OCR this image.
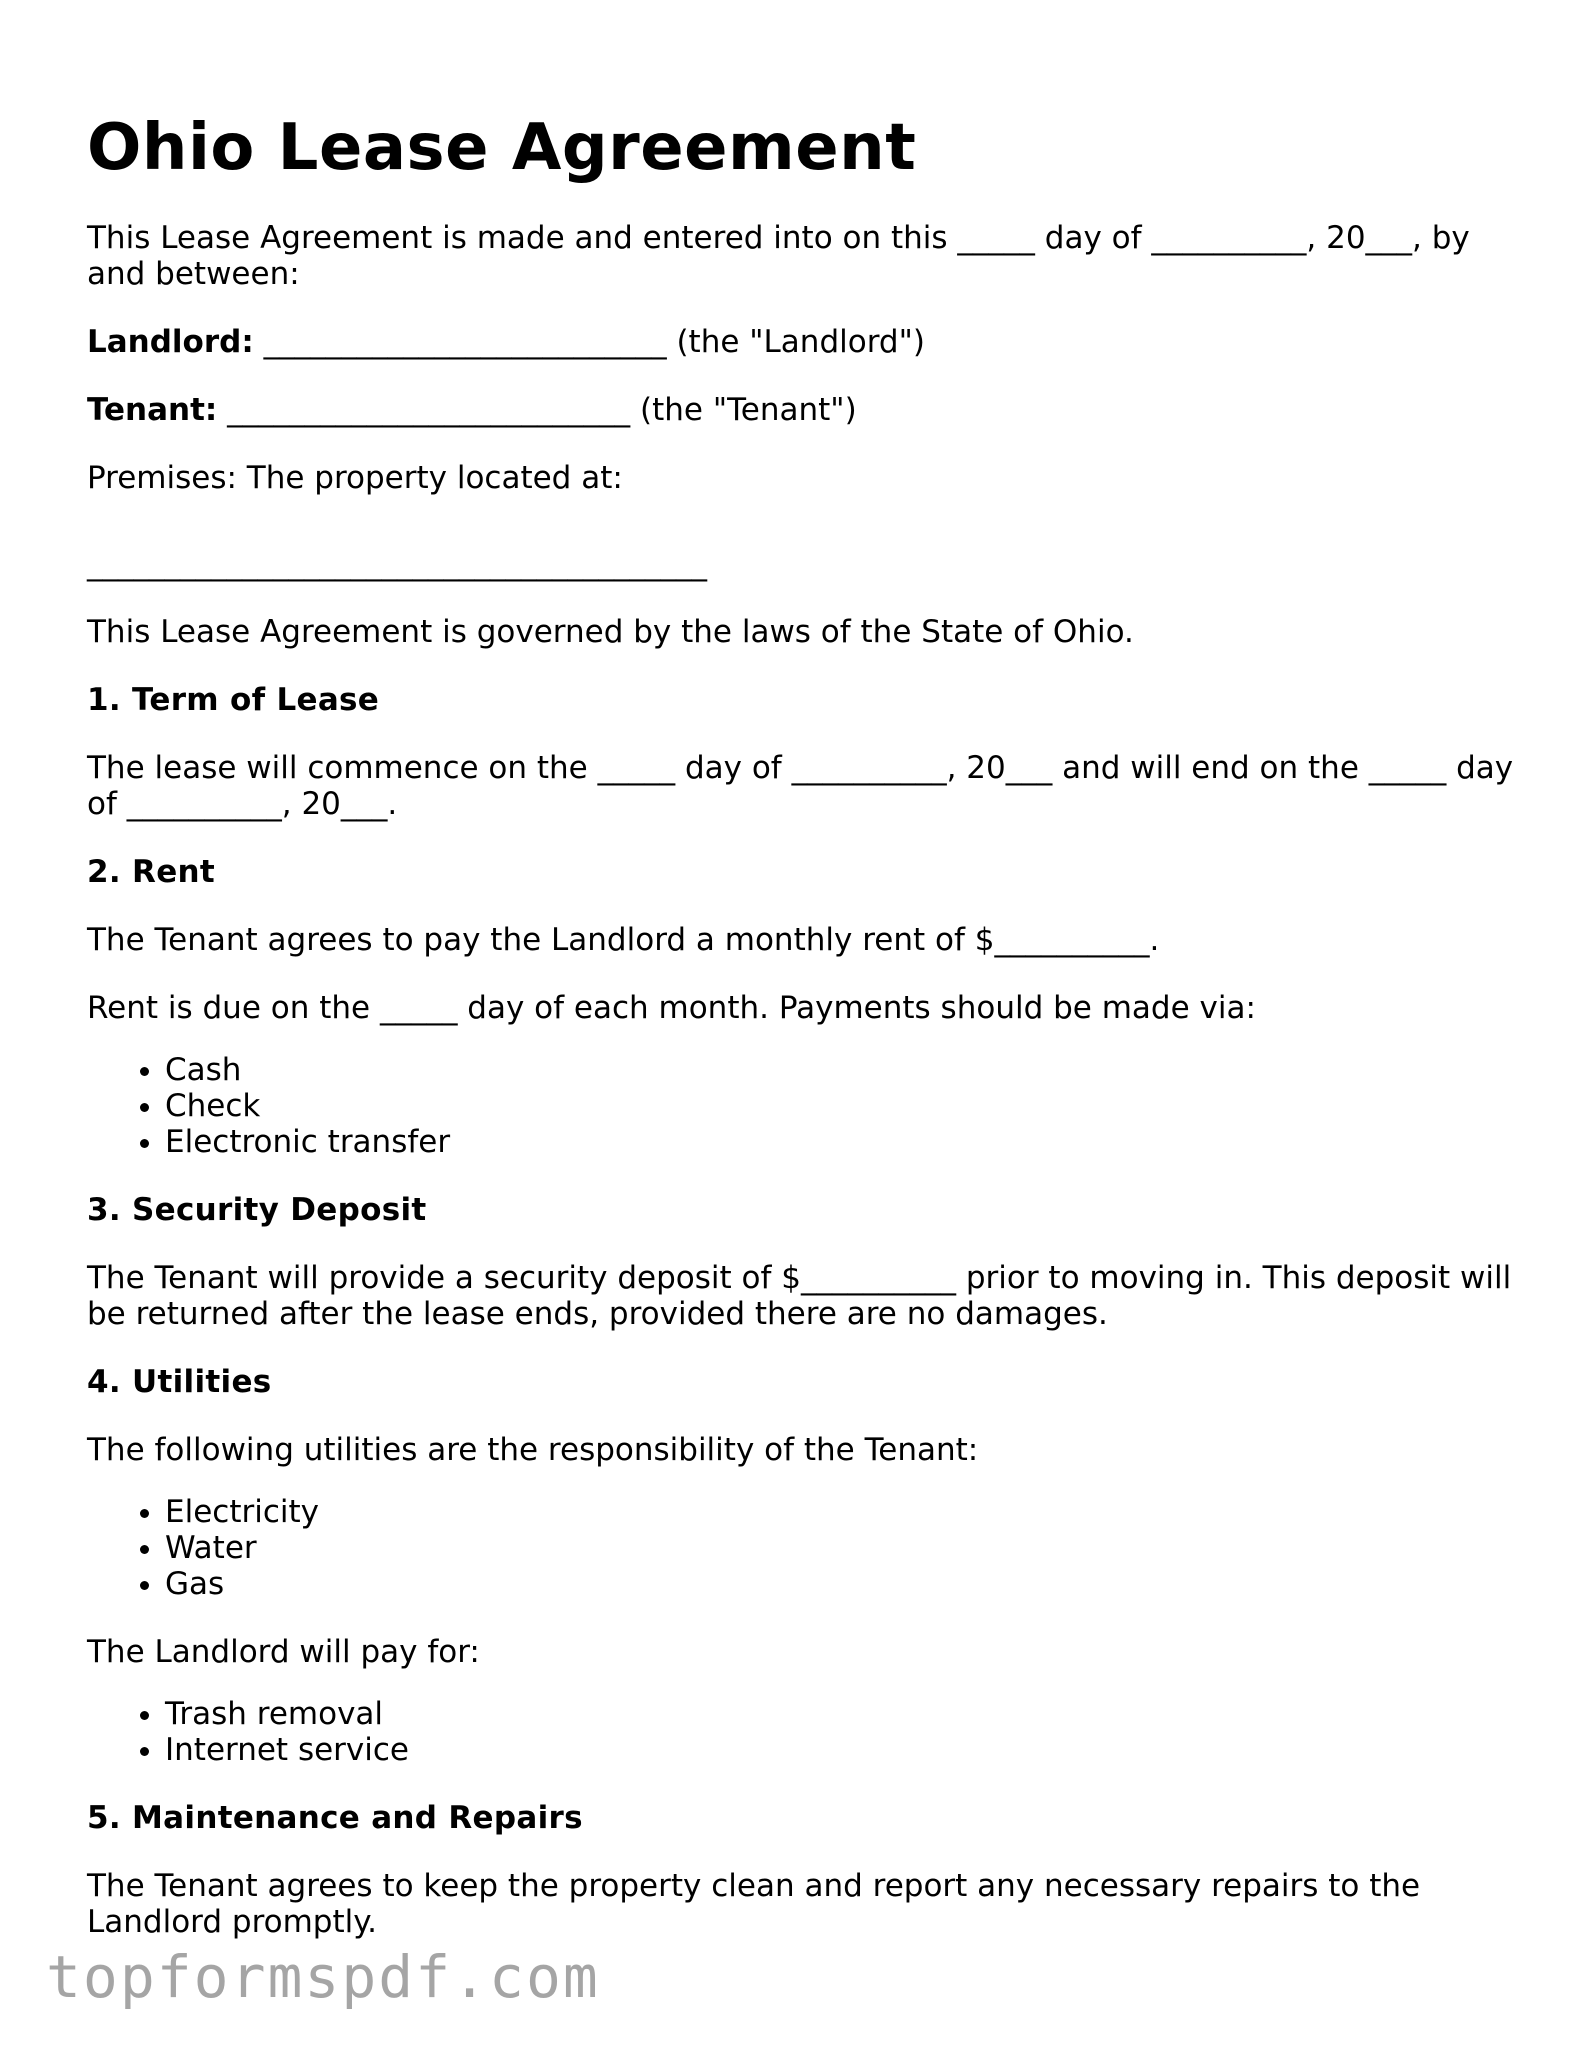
Ohio Lease Agreement

This Lease Agreement is made and entered into on this _____ day of __________, 20___, by and between:

Landlord: __________________________ (the "Landlord")

Tenant: __________________________ (the "Tenant")

Premises: The property located at:

________________________________________

This Lease Agreement is governed by the laws of the State of Ohio.

1. Term of Lease

The lease will commence on the _____ day of __________, 20___ and will end on the _____ day of __________, 20___.

2. Rent

The Tenant agrees to pay the Landlord a monthly rent of $__________.

Rent is due on the _____ day of each month. Payments should be made via:

• Cash
• Check
• Electronic transfer
3. Security Deposit

The Tenant will provide a security deposit of $__________ prior to moving in. This deposit will be returned after the lease ends, provided there are no damages.

4. Utilities

The following utilities are the responsibility of the Tenant:

• Electricity
• Water
• Gas

The Landlord will pay for:

• Trash removal
• Internet service
5. Maintenance and Repairs

The Tenant agrees to keep the property clean and report any necessary repairs to the Landlord promptly.

topformspdf.com
